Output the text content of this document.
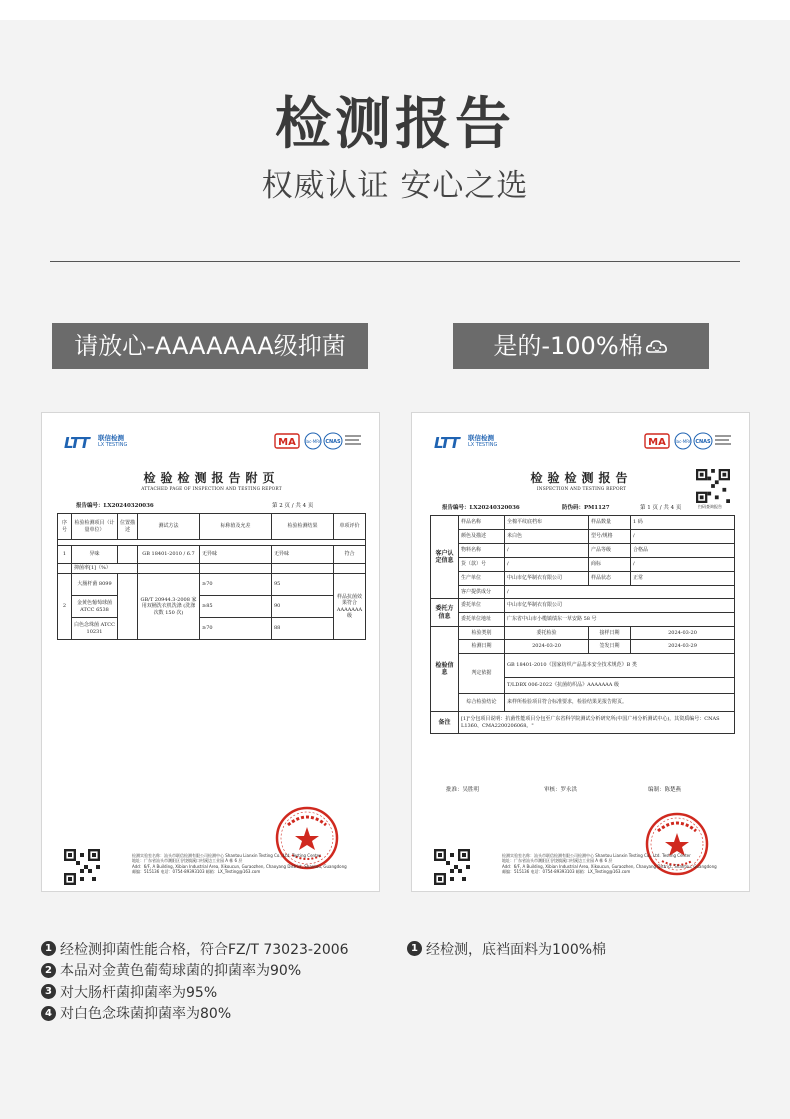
检测报告
权威认证 安心之选
请放心-AAAAAAA级抑菌	是的-100%棉
LTT 联信检测
LX TESTING	MA ilac-MRA CNAS
检验检测报告附页
ATTACHED PAGE OF INSPECTION AND TESTING REPORT
报告编号：LX20240320036	第 2 页 / 共 4 页
序号	检验检测项目（计量单位）	位置描述	测试方法	标称值及允差	检验检测结果	单项评价

1	异味		GB 18401-2010 / 6.7	无异味	无异味	符合
	抑菌率[1]（%）					
2	大肠杆菌 8099		GB/T 20944.3-2008 家用双桶洗衣机洗涤 (洗涤次数 150 次)	≥70	95	样品抗菌效果符合 AAAAAAA 级
	金黄色葡萄球菌 ATCC 6538			≥85	90	
	白色念珠菌 ATCC 10231			≥70	88	
检测实验室名称：汕头市联信检测有限公司检测中心 Shantou Lianxin Testing Co., Ltd. Testing Center
地址：广东省汕头市潮阳区谷饶镇溪口村溪边工业园 A 栋 6 层
Add：6/F, A Building, Xibian Industrial Area, Xikoucun, Guraozhen, Chaoyang District, Shantou, Guangdong
邮编：515136 电话：0754-89393103 邮箱：LX_Testing@163.com
LTT 联信检测
LX TESTING	MA ilac-MRA CNAS
检验检测报告
INSPECTION AND TESTING REPORT
扫码查询报告
报告编号：LX20240320036	防伪码：PM1127	第 1 页 / 共 4 页
客户认定信息	样品名称	全棉平纹底档布	样品数量	1 码
	颜色及描述	米白色	型号/规格	/
	物料名称	/	产品等级	合格品
	货（款）号	/	商标	/
	生产单位	中山市亿华制衣有限公司	样品状态	正常
	客户提供成分	/		
委托方信息	委托单位	中山市亿华制衣有限公司		
	委托单位地址	广东省中山市小榄镇绩东一草安路 58 号		
检验信息	检验类别	委托检验	接样日期	2024-03-20
	检测日期	2024-03-20	签发日期	2024-03-29
	判定依据	GB 18401-2010《国家纺织产品基本安全技术规范》B 类		
		T/LDBX 006-2022《抗菌纺织品》AAAAAAA 级		
	综合检验结论	来样所检验项目符合标准要求，检验结果见报告附页。		
备注	[1]"分包项目说明：抗菌性能项目分包至广东省科学院测试分析研究所(中国广州分析测试中心)，其资质编号：CNAS L1360、CMA2200206068。"			
批准：吴胜明	审核：罗永洪	编制：陈楚燕
检测实验室名称：汕头市联信检测有限公司检测中心 Shantou Lianxin Testing Co., Ltd. Testing Center
地址：广东省汕头市潮阳区谷饶镇溪口村溪边工业园 A 栋 6 层
Add：6/F, A Building, Xibian Industrial Area, Xikoucun, Guraozhen, Chaoyang District, Shantou, Guangdong
邮编：515136 电话：0754-89393103 邮箱：LX_Testing@163.com
1 经检测抑菌性能合格，符合FZ/T 73023-2006
2 本品对金黄色葡萄球菌的抑菌率为90%
3 对大肠杆菌抑菌率为95%
4 对白色念珠菌抑菌率为80%
1 经检测，底裆面料为100%棉
